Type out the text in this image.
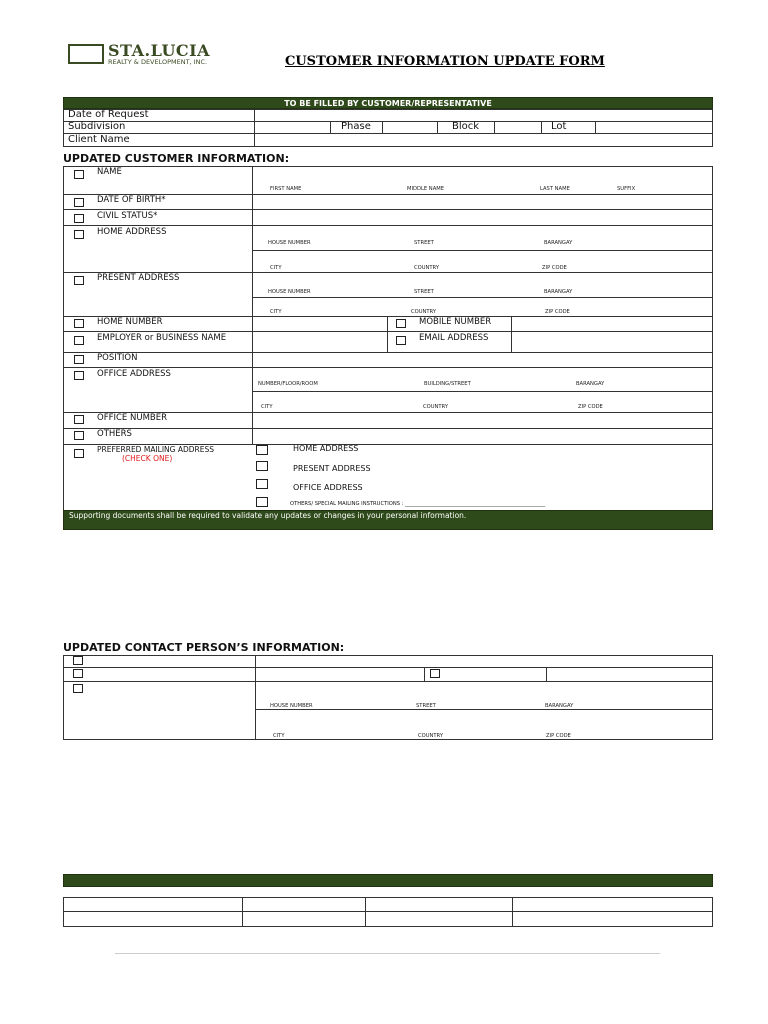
STA.LUCIA
REALTY & DEVELOPMENT, INC.	CUSTOMER INFORMATION UPDATE FORM
TO BE FILLED BY CUSTOMER/REPRESENTATIVE
Date of Request
Subdivision	Phase	Block	Lot
Client Name
UPDATED CUSTOMER INFORMATION:
NAME
FIRST NAME	MIDDLE NAME	LAST NAME	SUFFIX
DATE OF BIRTH*
CIVIL STATUS*
HOME ADDRESS
HOUSE NUMBER	STREET	BARANGAY
CITY	COUNTRY	ZIP CODE
PRESENT ADDRESS
HOUSE NUMBER	STREET	BARANGAY
CITY	COUNTRY	ZIP CODE
HOME NUMBER	MOBILE NUMBER
EMPLOYER or BUSINESS NAME	EMAIL ADDRESS
POSITION
OFFICE ADDRESS
NUMBER/FLOOR/ROOM	BUILDING/STREET	BARANGAY
CITY	COUNTRY	ZIP CODE
OFFICE NUMBER
OTHERS
PREFERRED MAILING ADDRESS
(CHECK ONE)
HOME ADDRESS
PRESENT ADDRESS
OFFICE ADDRESS
OTHERS/ SPECIAL MAILING INSTRUCTIONS : ______________________________________________________
Supporting documents shall be required to validate any updates or changes in your personal information.
UPDATED CONTACT PERSON’S INFORMATION:
HOUSE NUMBER	STREET	BARANGAY
CITY	COUNTRY	ZIP CODE
